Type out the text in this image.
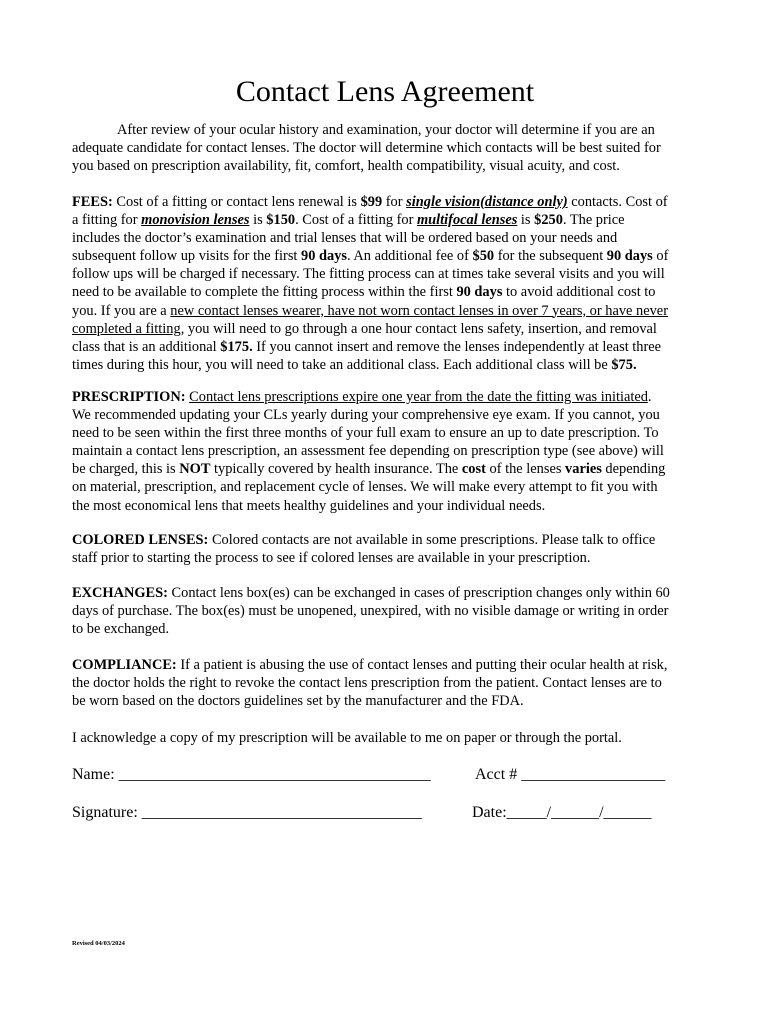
Contact Lens Agreement
After review of your ocular history and examination, your doctor will determine if you are an
adequate candidate for contact lenses. The doctor will determine which contacts will be best suited for
you based on prescription availability, fit, comfort, health compatibility, visual acuity, and cost.
FEES: Cost of a fitting or contact lens renewal is $99 for single vision(distance only) contacts. Cost of
a fitting for monovision lenses is $150. Cost of a fitting for multifocal lenses is $250. The price
includes the doctor’s examination and trial lenses that will be ordered based on your needs and
subsequent follow up visits for the first 90 days. An additional fee of $50 for the subsequent 90 days of
follow ups will be charged if necessary. The fitting process can at times take several visits and you will
need to be available to complete the fitting process within the first 90 days to avoid additional cost to
you. If you are a new contact lenses wearer, have not worn contact lenses in over 7 years, or have never
completed a fitting, you will need to go through a one hour contact lens safety, insertion, and removal
class that is an additional $175. If you cannot insert and remove the lenses independently at least three
times during this hour, you will need to take an additional class. Each additional class will be $75.
PRESCRIPTION: Contact lens prescriptions expire one year from the date the fitting was initiated.
We recommended updating your CLs yearly during your comprehensive eye exam. If you cannot, you
need to be seen within the first three months of your full exam to ensure an up to date prescription. To
maintain a contact lens prescription, an assessment fee depending on prescription type (see above) will
be charged, this is NOT typically covered by health insurance. The cost of the lenses varies depending
on material, prescription, and replacement cycle of lenses. We will make every attempt to fit you with
the most economical lens that meets healthy guidelines and your individual needs.
COLORED LENSES: Colored contacts are not available in some prescriptions. Please talk to office
staff prior to starting the process to see if colored lenses are available in your prescription.
EXCHANGES: Contact lens box(es) can be exchanged in cases of prescription changes only within 60
days of purchase. The box(es) must be unopened, unexpired, with no visible damage or writing in order
to be exchanged.
COMPLIANCE: If a patient is abusing the use of contact lenses and putting their ocular health at risk,
the doctor holds the right to revoke the contact lens prescription from the patient. Contact lenses are to
be worn based on the doctors guidelines set by the manufacturer and the FDA.
I acknowledge a copy of my prescription will be available to me on paper or through the portal.
Name: _______________________________________	Acct # __________________
Signature: ___________________________________	Date:_____/______/______
Revised 04/03/2024
